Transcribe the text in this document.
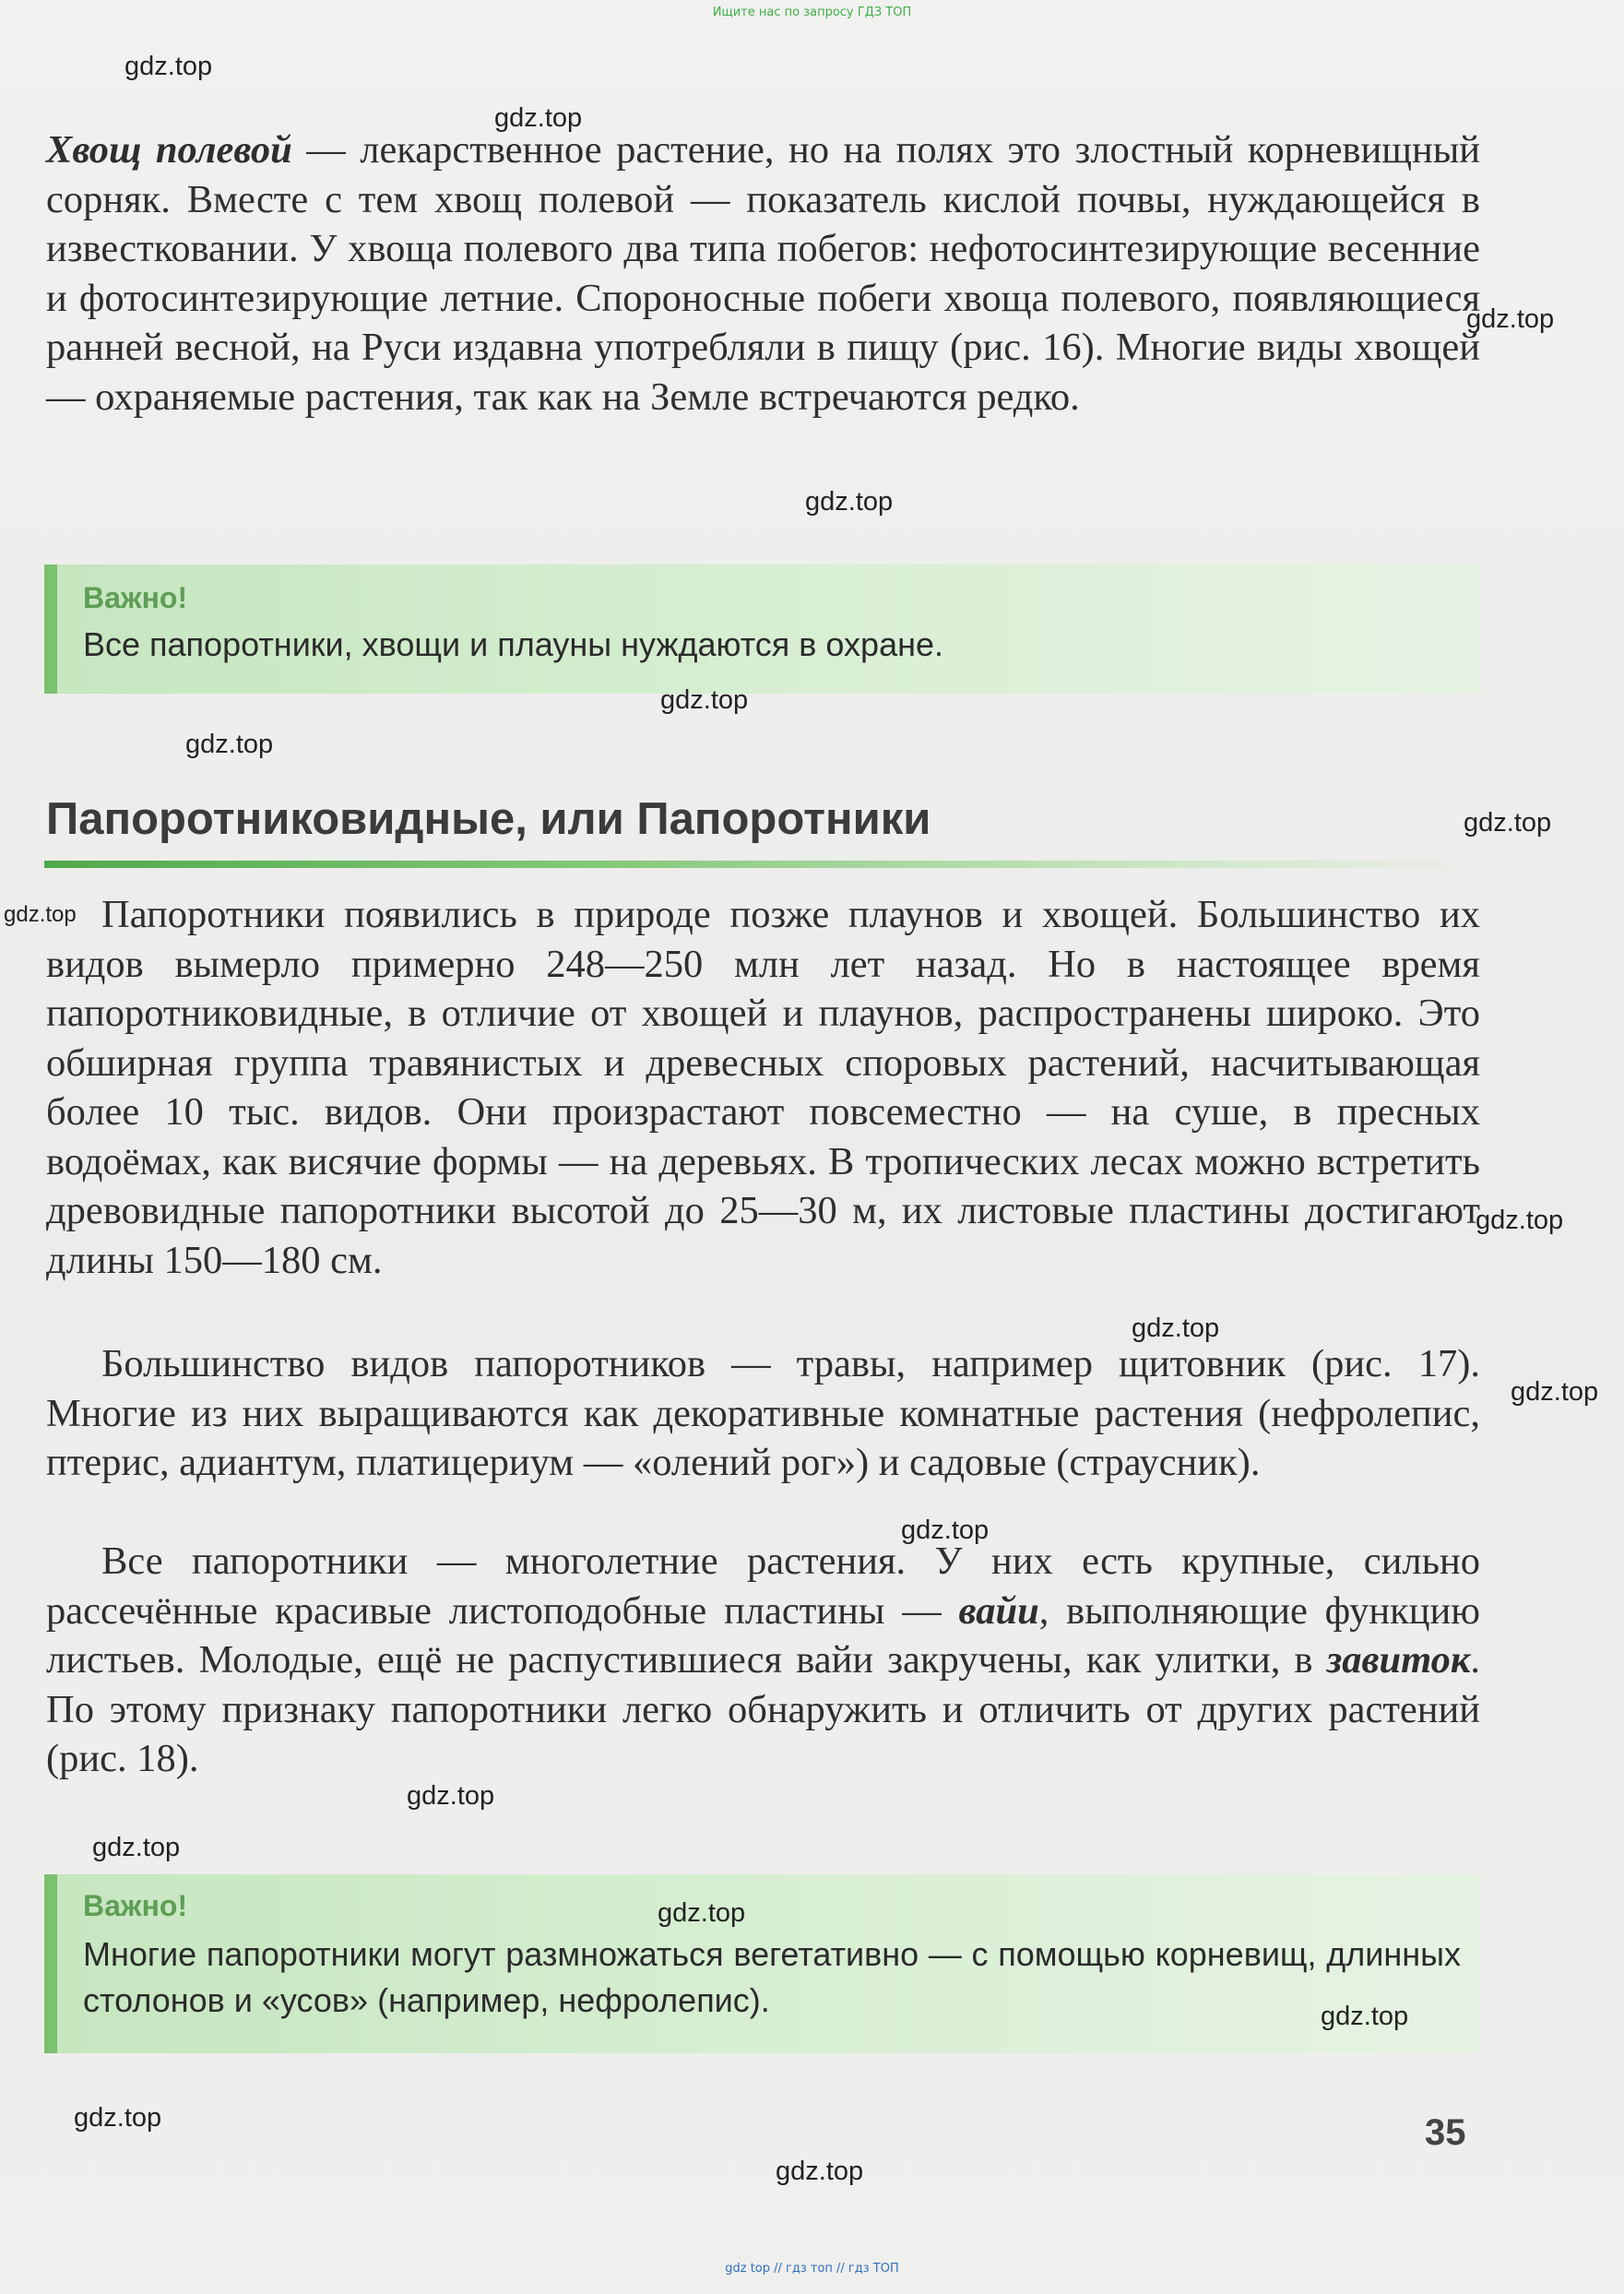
Ищите нас по запросу ГДЗ ТОП

Хвощ полевой — лекарственное растение, но на полях это злостный корневищный сорняк. Вместе с тем хвощ полевой — показатель кислой почвы, нуждающейся в известковании. У хвоща полевого два типа побегов: нефотосинтезирующие весенние и фотосинтезирующие летние. Спороносные побеги хвоща полевого, появляющиеся ранней весной, на Руси издавна употребляли в пищу (рис. 16). Многие виды хвощей — охраняемые растения, так как на Земле встречаются редко.

Важно!
Все папоротники, хвощи и плауны нуждаются в охране.
Папоротниковидные, или Папоротники

Папоротники появились в природе позже плаунов и хвощей. Большинство их видов вымерло примерно 248—250 млн лет назад. Но в настоящее время папоротниковидные, в отличие от хвощей и плаунов, распространены широко. Это обширная группа травянистых и древесных споровых растений, насчитывающая более 10 тыс. видов. Они произрастают повсеместно — на суше, в пресных водоёмах, как висячие формы — на деревьях. В тропических лесах можно встретить древовидные папоротники высотой до 25—30 м, их листовые пластины достигают длины 150—180 см.

Большинство видов папоротников — травы, например щитовник (рис. 17). Многие из них выращиваются как декоративные комнатные растения (нефролепис, птерис, адиантум, платицериум — «олений рог») и садовые (страусник).

Все папоротники — многолетние растения. У них есть крупные, сильно рассечённые красивые листоподобные пластины — вайи, выполняющие функцию листьев. Молодые, ещё не распустившиеся вайи закручены, как улитки, в завиток. По этому признаку папоротники легко обнаружить и отличить от других растений (рис. 18).

Важно!
Многие папоротники могут размножаться вегетативно — с помощью корневищ, длинных столонов и «усов» (например, нефролепис).
35
gdz top // гдз топ // гдз ТОП
gdz.top
gdz.top
gdz.top
gdz.top
gdz.top
gdz.top
gdz.top
gdz.top
gdz.top
gdz.top
gdz.top
gdz.top
gdz.top
gdz.top
gdz.top
gdz.top
gdz.top
gdz.top
